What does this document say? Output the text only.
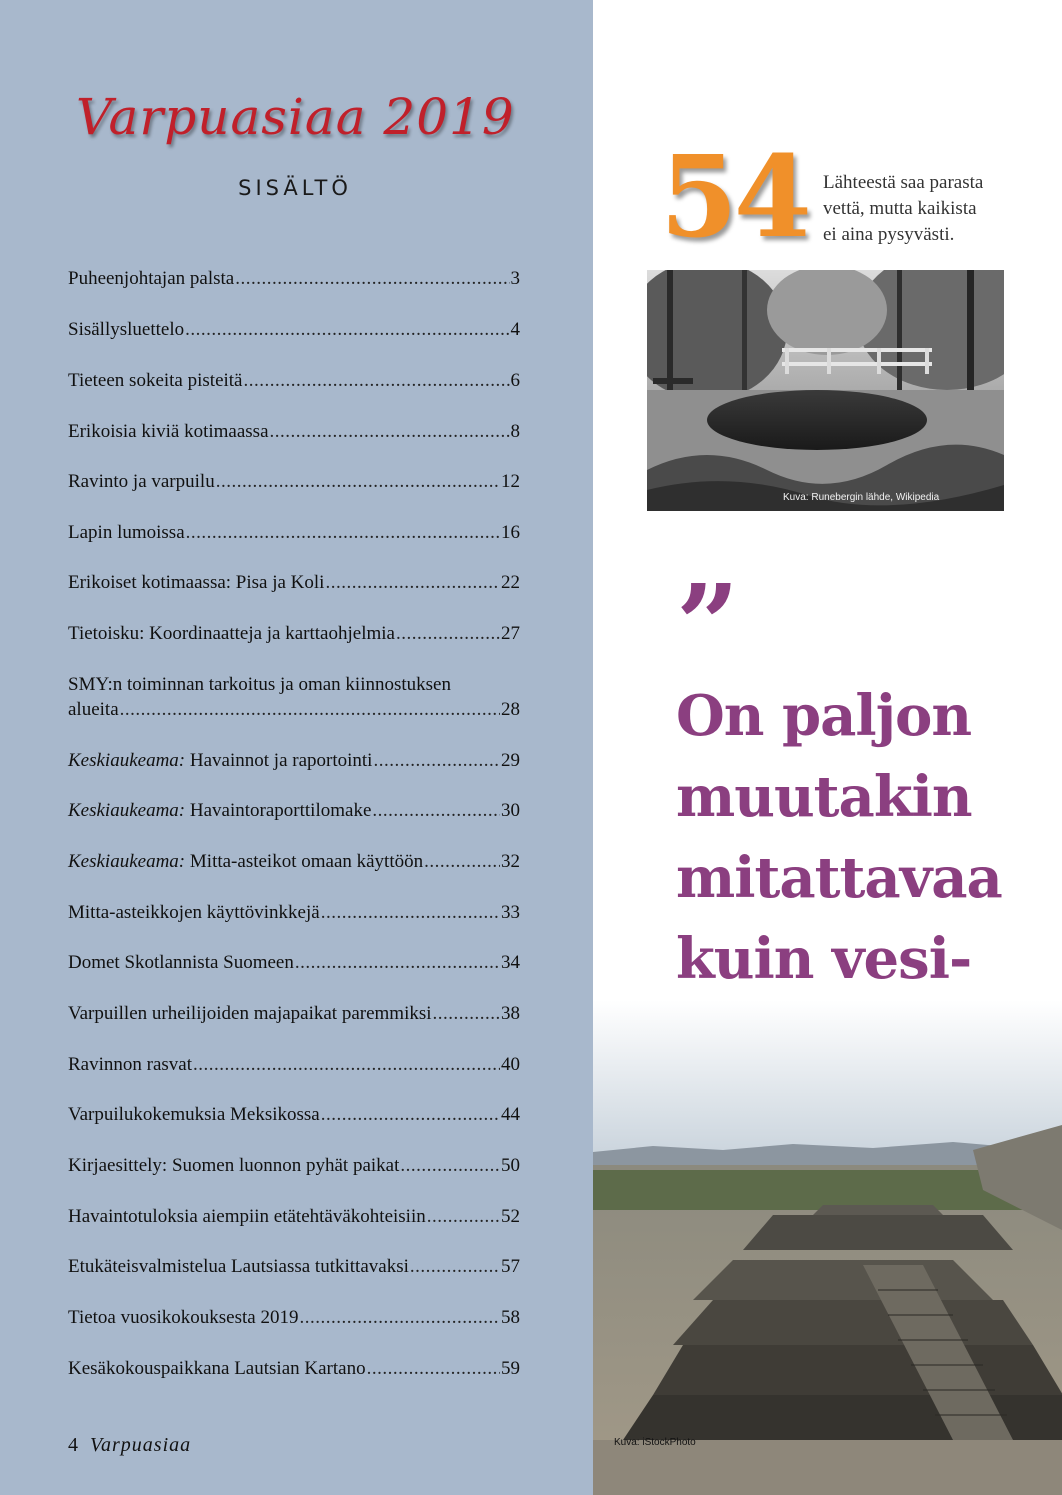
Varpuasiaa 2019
SISÄLTÖ
Puheenjohtajan palsta .....	3
Sisällysluettelo .....	4
Tieteen sokeita pisteitä .....	6
Erikoisia kiviä kotimaassa .....	8
Ravinto ja varpuilu .....	12
Lapin lumoissa .....	16
Erikoiset kotimaassa: Pisa ja Koli .....	22
Tietoisku: Koordinaatteja ja karttaohjelmia .....	27
SMY:n toiminnan tarkoitus ja oman kiinnostuksen
alueita .....	28
Keskiaukeama: Havainnot ja raportointi .....	29
Keskiaukeama: Havaintoraporttilomake .....	30
Keskiaukeama: Mitta-asteikot omaan käyttöön .....	32
Mitta-asteikkojen käyttövinkkejä .....	33
Domet Skotlannista Suomeen .....	34
Varpuillen urheilijoiden majapaikat paremmiksi .....	38
Ravinnon rasvat .....	40
Varpuilukokemuksia Meksikossa .....	44
Kirjaesittely: Suomen luonnon pyhät paikat .....	50
Havaintotuloksia aiempiin etätehtäväkohteisiin .....	52
Etukäteisvalmistelua Lautsiassa tutkittavaksi .....	57
Tietoa vuosikokouksesta 2019 .....	58
Kesäkokouspaikkana Lautsian Kartano .....	59
4 Varpuasiaa
54 Lähteestä saa parasta
vettä, mutta kaikista
ei aina pysyvästi.
Kuva: Runebergin lähde, Wikipedia
”
On paljon
muutakin
mitattavaa
kuin vesi-
Kuva: iStockPhoto
